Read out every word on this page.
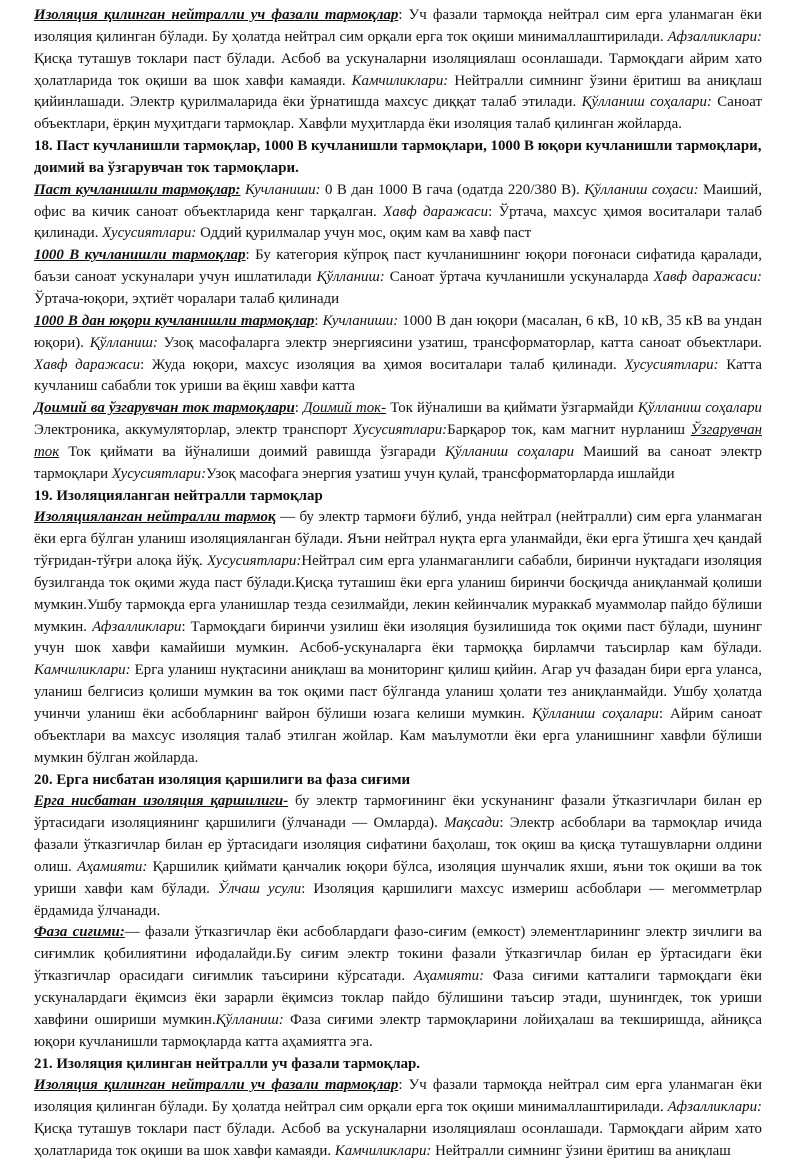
Изоляция қилинган нейтралли уч фазали тармоқлар: Уч фазали тармоқда нейтрал сим ерга уланмаган ёки изоляция қилинган бўлади. Бу ҳолатда нейтрал сим орқали ерга ток оқиши минималлаштирилади. Афзалликлари: Қисқа туташув токлари паст бўлади. Асбоб ва ускуналарни изоляциялаш осонлашади. Тармоқдаги айрим хато ҳолатларида ток оқиши ва шок хавфи камаяди. Камчиликлари: Нейтралли симнинг ўзини ёритиш ва аниқлаш қийинлашади. Электр қурилмаларида ёки ўрнатишда махсус диққат талаб этилади. Қўлланиш соҳалари: Саноат объектлари, ёрқин муҳитдаги тармоқлар. Хавфли муҳитларда ёки изоляция талаб қилинган жойларда.

18. Паст кучланишли тармоқлар, 1000 В кучланишли тармоқлари, 1000 В юқори кучланишли тармоқлари, доимий ва ўзгарувчан ток тармоқлари.

Паст кучланишли тармоқлар: Кучланиши: 0 В дан 1000 В гача (одатда 220/380 В). Қўлланиш соҳаси: Маиший, офис ва кичик саноат объектларида кенг тарқалган. Хавф даражаси: Ўртача, махсус ҳимоя воситалари талаб қилинади. Хусусиятлари: Оддий қурилмалар учун мос, оқим кам ва хавф паст

1000 В кучланишли тармоқлар: Бу категория кўпроқ паст кучланишнинг юқори поғонаси сифатида қаралади, баъзи саноат ускуналари учун ишлатилади Қўлланиш: Саноат ўртача кучланишли ускуналарда Хавф даражаси: Ўртача-юқори, эҳтиёт чоралари талаб қилинади

1000 В дан юқори кучланишли тармоқлар: Кучланиши: 1000 В дан юқори (масалан, 6 кВ, 10 кВ, 35 кВ ва ундан юқори). Қўлланиш: Узоқ масофаларга электр энергиясини узатиш, трансформаторлар, катта саноат объектлари. Хавф даражаси: Жуда юқори, махсус изоляция ва ҳимоя воситалари талаб қилинади. Хусусиятлари: Катта кучланиш сабабли ток уриши ва ёқиш хавфи катта

Доимий ва ўзгарувчан ток тармоқлари: Доимий ток- Ток йўналиши ва қиймати ўзгармайди Қўлланиш соҳалари Электроника, аккумуляторлар, электр транспорт Хусусиятлари:Барқарор ток, кам магнит нурланиш Ўзгарувчан ток Ток қиймати ва йўналиши доимий равишда ўзгаради Қўлланиш соҳалари Маиший ва саноат электр тармоқлари Хусусиятлари:Узоқ масофага энергия узатиш учун қулай, трансформаторларда ишлайди

19. Изоляцияланган нейтралли тармоқлар

Изоляцияланган нейтралли тармоқ — бу электр тармоғи бўлиб, унда нейтрал (нейтралли) сим ерга уланмаган ёки ерга бўлган уланиш изоляцияланган бўлади. Яъни нейтрал нуқта ерга уланмайди, ёки ерга ўтишга ҳеч қандай тўғридан-тўғри алоқа йўқ. Хусусиятлари:Нейтрал сим ерга уланмаганлиги сабабли, биринчи нуқтадаги изоляция бузилганда ток оқими жуда паст бўлади.Қисқа туташиш ёки ерга уланиш биринчи босқичда аниқланмай қолиши мумкин.Ушбу тармоқда ерга уланишлар тезда сезилмайди, лекин кейинчалик мураккаб муаммолар пайдо бўлиши мумкин. Афзалликлари: Тармоқдаги биринчи узилиш ёки изоляция бузилишида ток оқими паст бўлади, шунинг учун шок хавфи камайиши мумкин. Асбоб-ускуналарга ёки тармоққа бирламчи таъсирлар кам бўлади. Камчиликлари: Ерга уланиш нуқтасини аниқлаш ва мониторинг қилиш қийин. Агар уч фазадан бири ерга уланса, уланиш белгисиз қолиши мумкин ва ток оқими паст бўлганда уланиш ҳолати тез аниқланмайди. Ушбу ҳолатда учинчи уланиш ёки асбобларнинг вайрон бўлиши юзага келиши мумкин. Қўлланиш соҳалари: Айрим саноат объектлари ва махсус изоляция талаб этилган жойлар. Кам маълумотли ёки ерга уланишнинг хавфли бўлиши мумкин бўлган жойларда.

20. Ерга нисбатан изоляция қаршилиги ва фаза сиғими

Ерга нисбатан изоляция қаршилиги- бу электр тармоғининг ёки ускунанинг фазали ўтказгичлари билан ер ўртасидаги изоляциянинг қаршилиги (ўлчанади — Омларда). Мақсади: Электр асбоблари ва тармоқлар ичида фазали ўтказгичлар билан ер ўртасидаги изоляция сифатини баҳолаш, ток оқиш ва қисқа туташувларни олдини олиш. Аҳамияти: Қаршилик қиймати қанчалик юқори бўлса, изоляция шунчалик яхши, яъни ток оқиши ва ток уриши хавфи кам бўлади. Ўлчаш усули: Изоляция қаршилиги махсус измериш асбоблари — мегомметрлар ёрдамида ўлчанади.

Фаза сиғими:— фазали ўтказгичлар ёки асбоблардаги фазо-сиғим (емкост) элементларининг электр зичлиги ва сиғимлик қобилиятини ифодалайди.Бу сиғим электр токини фазали ўтказгичлар билан ер ўртасидаги ёки ўтказгичлар орасидаги сиғимлик таъсирини кўрсатади. Аҳамияти: Фаза сиғими катталиги тармоқдаги ёки ускуналардаги ёқимсиз ёки зарарли ёқимсиз токлар пайдо бўлишини таъсир этади, шунингдек, ток уриши хавфини ошириши мумкин.Қўлланиш: Фаза сиғими электр тармоқларини лойиҳалаш ва текширишда, айниқса юқори кучланишли тармоқларда катта аҳамиятга эга.

21. Изоляция қилинган нейтралли уч фазали тармоқлар.

Изоляция қилинган нейтралли уч фазали тармоқлар: Уч фазали тармоқда нейтрал сим ерга уланмаган ёки изоляция қилинган бўлади. Бу ҳолатда нейтрал сим орқали ерга ток оқиши минималлаштирилади. Афзалликлари: Қисқа туташув токлари паст бўлади. Асбоб ва ускуналарни изоляциялаш осонлашади. Тармоқдаги айрим хато ҳолатларида ток оқиши ва шок хавфи камаяди. Камчиликлари: Нейтралли симнинг ўзини ёритиш ва аниқлаш
